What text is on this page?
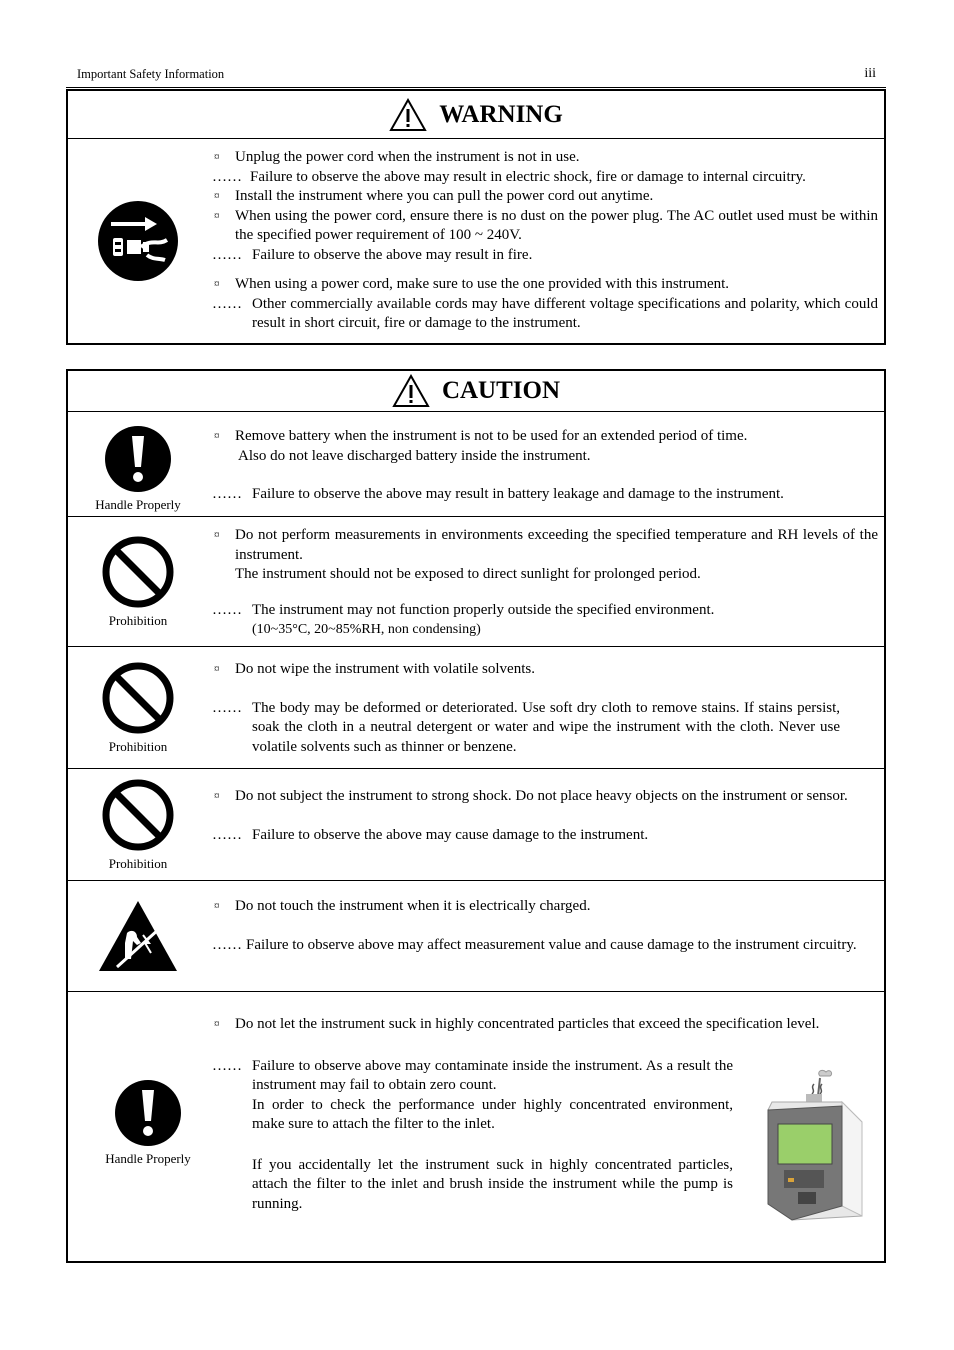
Important Safety Information	iii
WARNING
¤ Unplug the power cord when the instrument is not in use.
…… Failure to observe the above may result in electric shock, fire or damage to internal circuitry.
¤ Install the instrument where you can pull the power cord out anytime.
¤ When using the power cord, ensure there is no dust on the power plug. The AC outlet used must be within the specified power requirement of 100 ~ 240V.
…… Failure to observe the above may result in fire.
¤ When using a power cord, make sure to use the one provided with this instrument.
…… Other commercially available cords may have different voltage specifications and polarity, which could result in short circuit, fire or damage to the instrument.
CAUTION
Handle Properly
¤ Remove battery when the instrument is not to be used for an extended period of time.
Also do not leave discharged battery inside the instrument.
…… Failure to observe the above may result in battery leakage and damage to the instrument.
Prohibition
¤ Do not perform measurements in environments exceeding the specified temperature and RH levels of the instrument.
The instrument should not be exposed to direct sunlight for prolonged period.
…… The instrument may not function properly outside the specified environment.
(10~35°C, 20~85%RH, non condensing)
Prohibition
¤ Do not wipe the instrument with volatile solvents.
…… The body may be deformed or deteriorated. Use soft dry cloth to remove stains. If stains persist, soak the cloth in a neutral detergent or water and wipe the instrument with the cloth. Never use volatile solvents such as thinner or benzene.
Prohibition
¤ Do not subject the instrument to strong shock. Do not place heavy objects on the instrument or sensor.
…… Failure to observe the above may cause damage to the instrument.
¤ Do not touch the instrument when it is electrically charged.
…… Failure to observe above may affect measurement value and cause damage to the instrument circuitry.
Handle Properly
¤ Do not let the instrument suck in highly concentrated particles that exceed the specification level.
…… Failure to observe above may contaminate inside the instrument. As a result the instrument may fail to obtain zero count.
In order to check the performance under highly concentrated environment, make sure to attach the filter to the inlet.
If you accidentally let the instrument suck in highly concentrated particles, attach the filter to the inlet and brush inside the instrument while the pump is running.
